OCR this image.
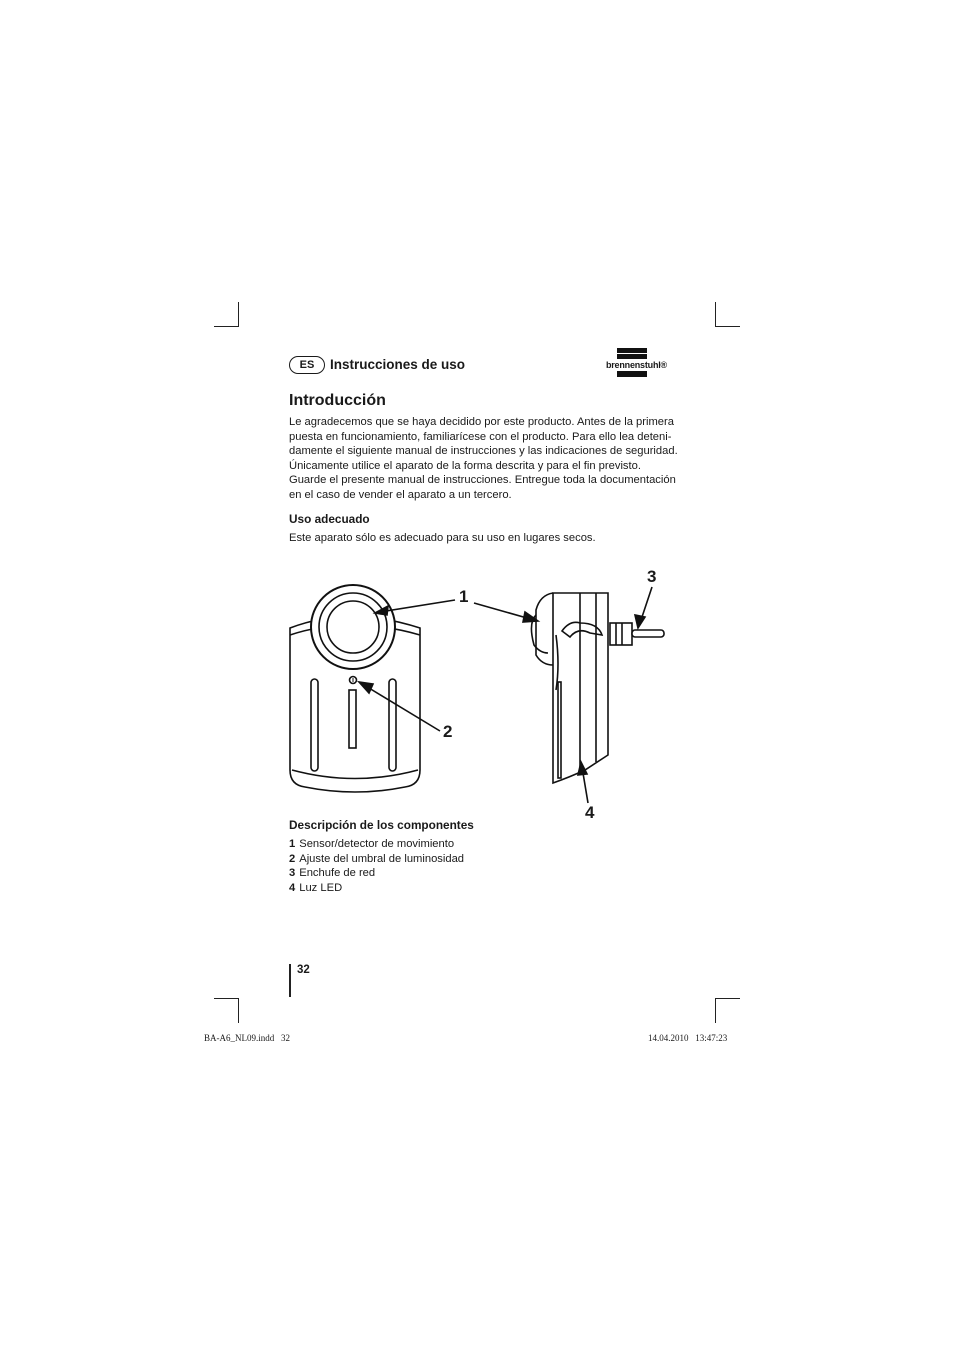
ES	Instrucciones de uso	brennenstuhl®
Introducción
Le agradecemos que se haya decidido por este producto. Antes de la primera
puesta en funcionamiento, familiarícese con el producto. Para ello lea deteni-
damente el siguiente manual de instrucciones y las indicaciones de seguridad.
Únicamente utilice el aparato de la forma descrita y para el fin previsto.
Guarde el presente manual de instrucciones. Entregue toda la documentación
en el caso de vender el aparato a un tercero.
Uso adecuado
Este aparato sólo es adecuado para su uso en lugares secos.
1
2
3
4
Descripción de los componentes
1 Sensor/detector de movimiento
2 Ajuste del umbral de luminosidad
3 Enchufe de red
4 Luz LED
32
BA-A6_NL09.indd   32	14.04.2010   13:47:23
